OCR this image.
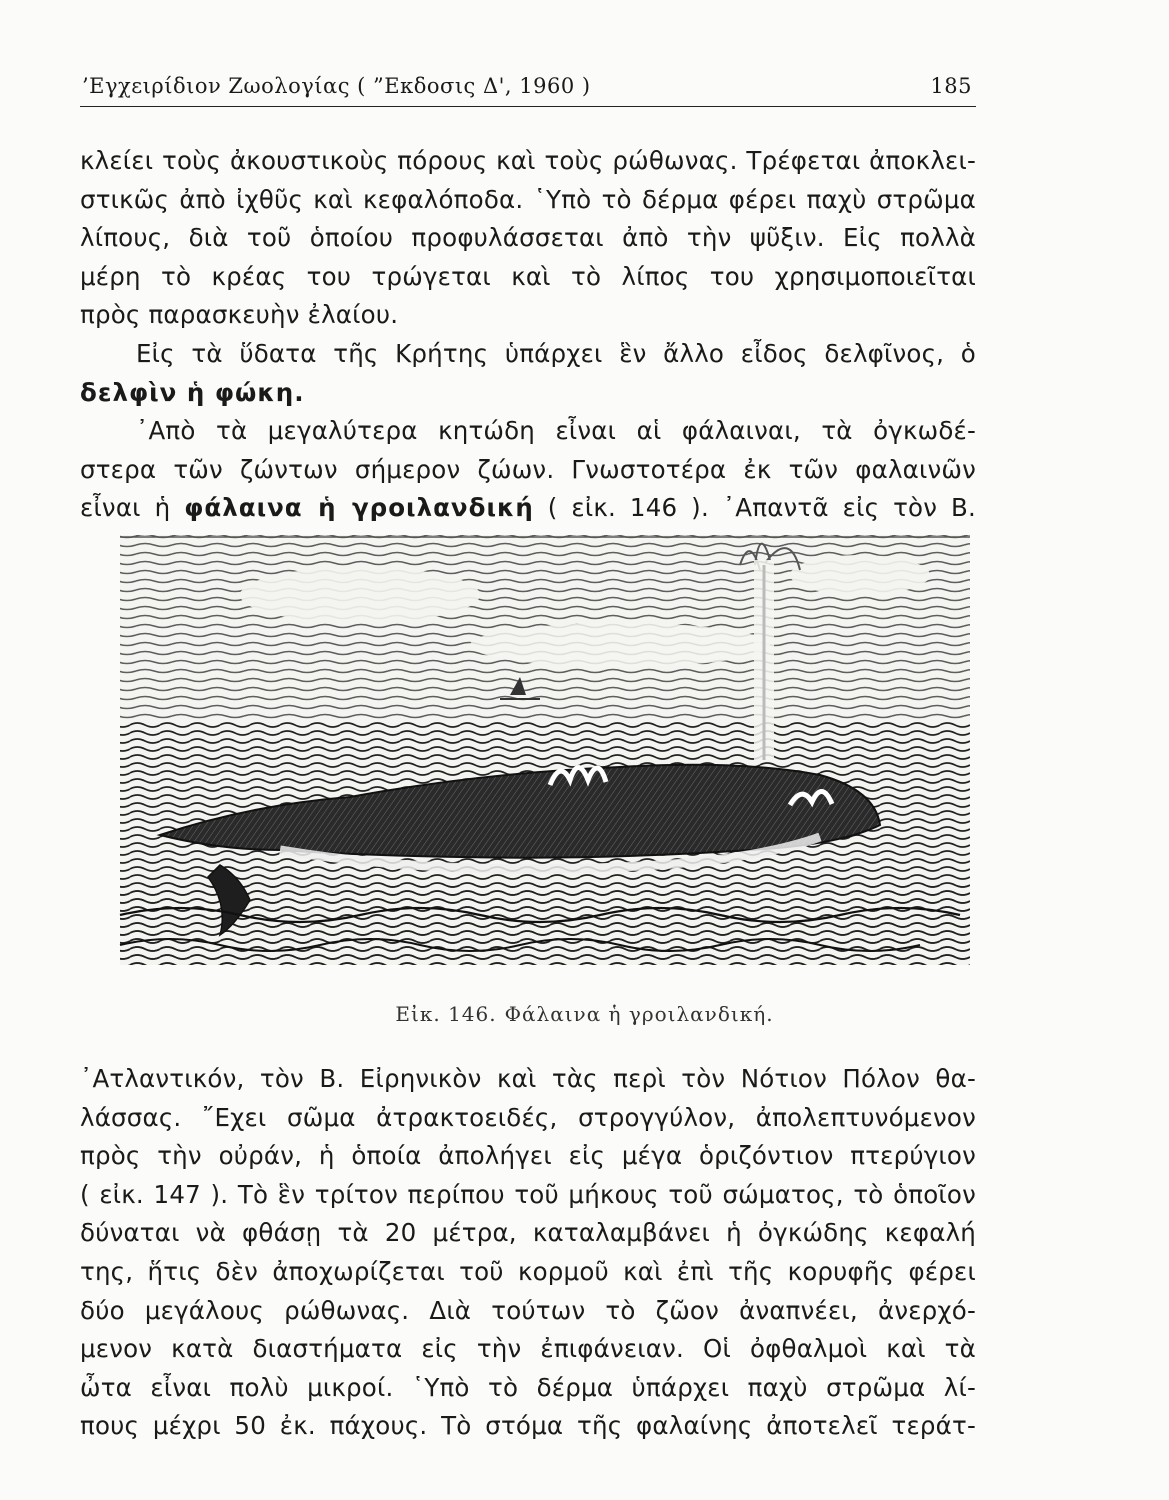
’Εγχειρίδιον Ζωολογίας ( ”Εκδοσις Δ', 1960 )	185

κλείει τοὺς ἀκουστικοὺς πόρους καὶ τοὺς ρώθωνας. Τρέφεται ἀποκλει-
στικῶς ἀπὸ ἰχθῦς καὶ κεφαλόποδα. ῾Υπὸ τὸ δέρμα φέρει παχὺ στρῶμα
λίπους, διὰ τοῦ ὁποίου προφυλάσσεται ἀπὸ τὴν ψῦξιν. Εἰς πολλὰ
μέρη τὸ κρέας του τρώγεται καὶ τὸ λίπος του χρησιμοποιεῖται
πρὸς παρασκευὴν ἐλαίου.

Εἰς τὰ ὕδατα τῆς Κρήτης ὑπάρχει ἓν ἄλλο εἶδος δελφῖνος, ὁ
δελφὶν ἡ φώκη.

᾿Απὸ τὰ μεγαλύτερα κητώδη εἶναι αἱ φάλαιναι, τὰ ὀγκωδέ-
στερα τῶν ζώντων σήμερον ζώων. Γνωστοτέρα ἐκ τῶν φαλαινῶν
εἶναι ἡ φάλαινα ἡ γροιλανδική ( εἰκ. 146 ). ᾿Απαντᾶ εἰς τὸν Β.

Εἰκ. 146. Φάλαινα ἡ γροιλανδική.

᾿Ατλαντικόν, τὸν Β. Εἰρηνικὸν καὶ τὰς περὶ τὸν Νότιον Πόλον θα-
λάσσας. ῎Εχει σῶμα ἀτρακτοειδές, στρογγύλον, ἀπολεπτυνόμενον
πρὸς τὴν οὐράν, ἡ ὁποία ἀπολήγει εἰς μέγα ὁριζόντιον πτερύγιον
( εἰκ. 147 ). Τὸ ἓν τρίτον περίπου τοῦ μήκους τοῦ σώματος, τὸ ὁποῖον
δύναται νὰ φθάσῃ τὰ 20 μέτρα, καταλαμβάνει ἡ ὀγκώδης κεφαλή
της, ἥτις δὲν ἀποχωρίζεται τοῦ κορμοῦ καὶ ἐπὶ τῆς κορυφῆς φέρει
δύο μεγάλους ρώθωνας. Διὰ τούτων τὸ ζῶον ἀναπνέει, ἀνερχό-
μενον κατὰ διαστήματα εἰς τὴν ἐπιφάνειαν. Οἱ ὀφθαλμοὶ καὶ τὰ
ὦτα εἶναι πολὺ μικροί. ῾Υπὸ τὸ δέρμα ὑπάρχει παχὺ στρῶμα λί-
πους μέχρι 50 ἐκ. πάχους. Τὸ στόμα τῆς φαλαίνης ἀποτελεῖ τεράτ-
